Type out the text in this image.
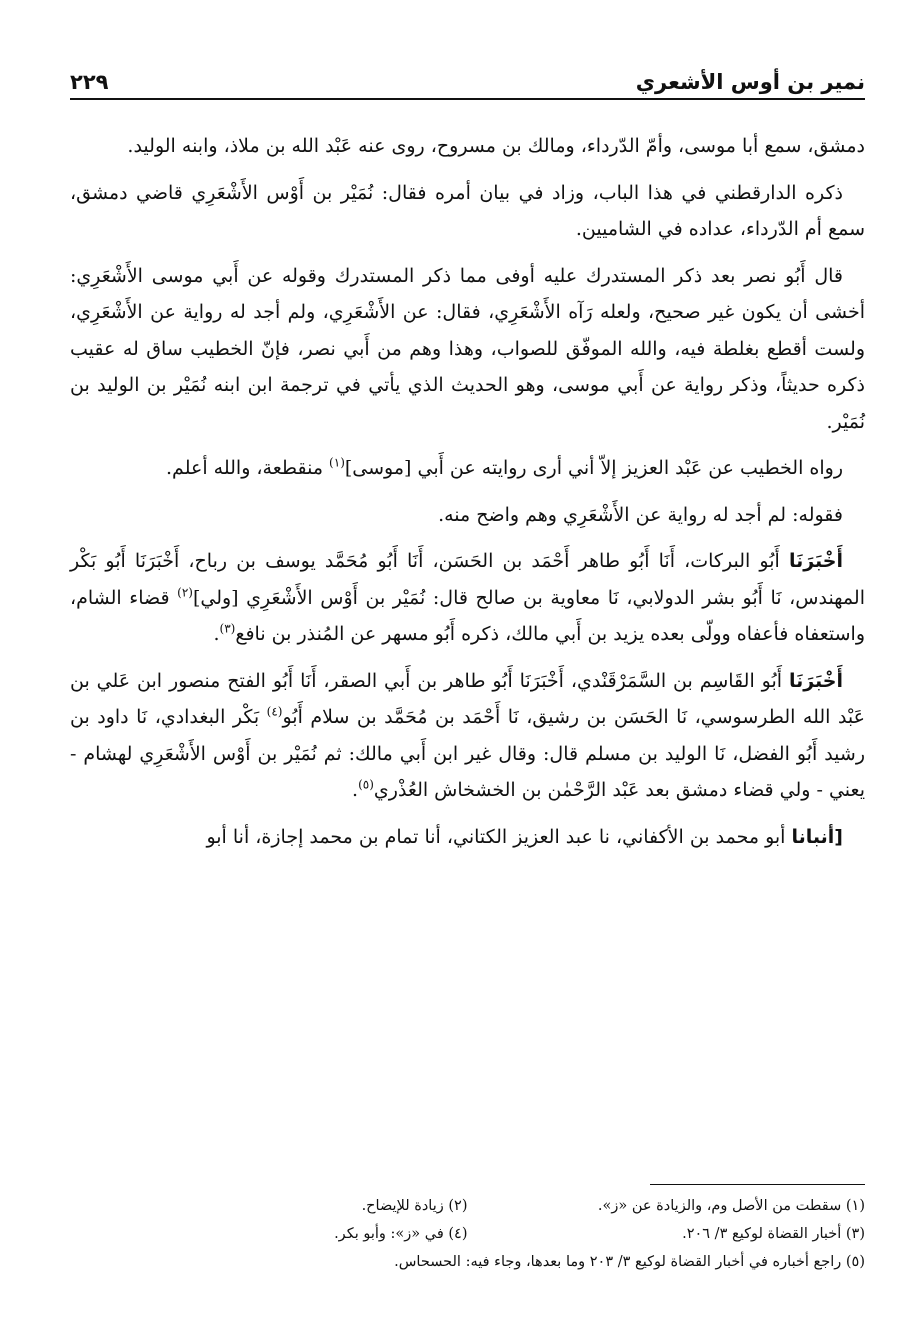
٢٢٩	نمير بن أوس الأشعري

دمشق، سمع أبا موسى، وأمّ الدّرداء، ومالك بن مسروح، روى عنه عَبْد الله بن ملاذ، وابنه الوليد.

ذكره الدارقطني في هذا الباب، وزاد في بيان أمره فقال: نُمَيْر بن أَوْس الأَشْعَرِي قاضي دمشق، سمع أم الدّرداء، عداده في الشاميين.

قال أَبُو نصر بعد ذكر المستدرك عليه أوفى مما ذكر المستدرك وقوله عن أَبي موسى الأَشْعَرِي: أخشى أن يكون غير صحيح، ولعله رَآه الأَشْعَرِي، فقال: عن الأَشْعَرِي، ولم أجد له رواية عن الأَشْعَرِي، ولست أقطع بغلطة فيه، والله الموفّق للصواب، وهذا وهم من أَبي نصر، فإنّ الخطيب ساق له عقيب ذكره حديثاً، وذكر رواية عن أَبي موسى، وهو الحديث الذي يأتي في ترجمة ابن ابنه نُمَيْر بن الوليد بن نُمَيْر.

رواه الخطيب عن عَبْد العزيز إلاّ أني أرى روايته عن أَبي [موسى]$^{(١)}$ منقطعة، والله أعلم.

فقوله: لم أجد له رواية عن الأَشْعَرِي وهم واضح منه.

أَخْبَرَنَا أَبُو البركات، أَنَا أَبُو طاهر أَحْمَد بن الحَسَن، أَنَا أَبُو مُحَمَّد يوسف بن رباح، أَخْبَرَنَا أَبُو بَكْر المهندس، نَا أَبُو بشر الدولابي، نَا معاوية بن صالح قال: نُمَيْر بن أَوْس الأَشْعَرِي [ولي]$^{(٢)}$ قضاء الشام، واستعفاه فأعفاه وولّى بعده يزيد بن أَبي مالك، ذكره أَبُو مسهر عن المُنذر بن نافع$^{(٣)}$.

أَخْبَرَنَا أَبُو القَاسِم بن السَّمَرْقَنْدي، أَخْبَرَنَا أَبُو طاهر بن أَبي الصقر، أَنَا أَبُو الفتح منصور ابن عَلي بن عَبْد الله الطرسوسي، نَا الحَسَن بن رشيق، نَا أَحْمَد بن مُحَمَّد بن سلام أَبُو$^{(٤)}$ بَكْر البغدادي، نَا داود بن رشيد أَبُو الفضل، نَا الوليد بن مسلم قال: وقال غير ابن أَبي مالك: ثم نُمَيْر بن أَوْس الأَشْعَرِي لهشام - يعني - ولي قضاء دمشق بعد عَبْد الرَّحْمٰن بن الخشخاش العُذْري$^{(٥)}$.

[أنبانا أبو محمد بن الأكفاني، نا عبد العزيز الكتاني، أنا تمام بن محمد إجازة، أنا أبو

(١) سقطت من الأصل وم، والزيادة عن «ز».
(٢) زيادة للإيضاح.
(٣) أخبار القضاة لوكيع ٣/ ٢٠٦.
(٤) في «ز»: وأبو بكر.
(٥) راجع أخباره في أخبار القضاة لوكيع ٣/ ٢٠٣ وما بعدها، وجاء فيه: الحسحاس.
